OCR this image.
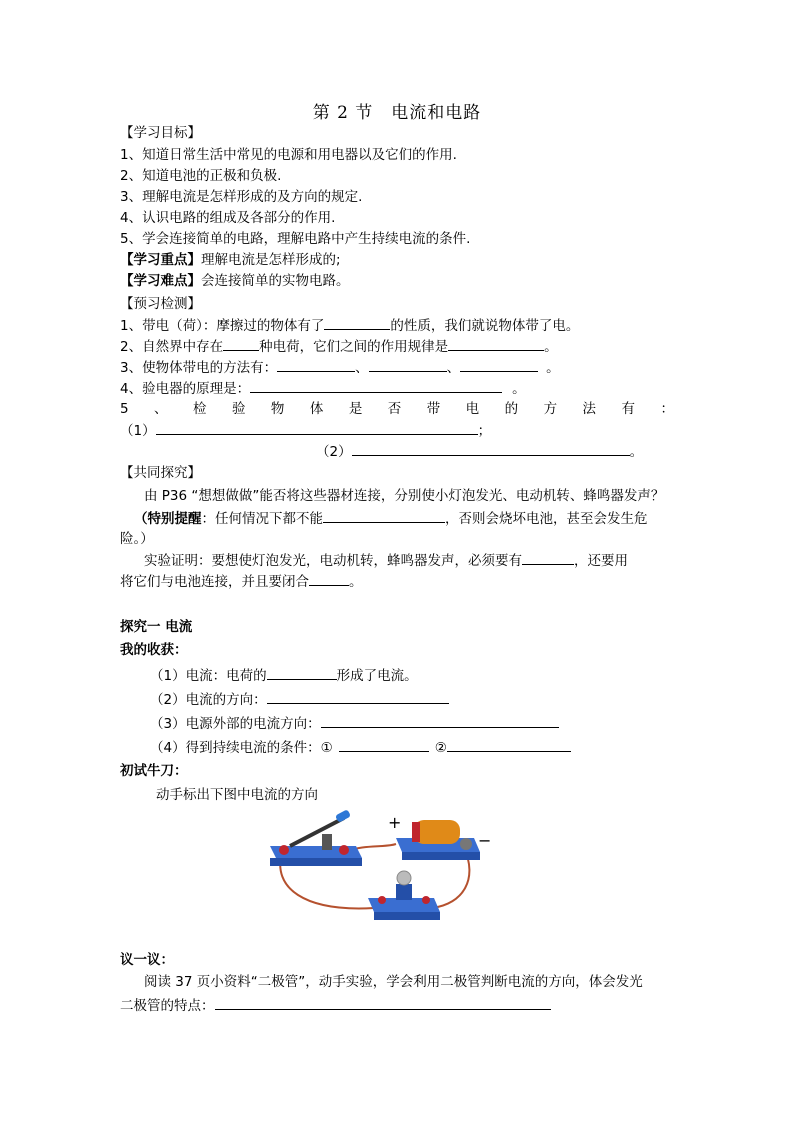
第 2 节　电流和电路
【学习目标】
1、知道日常生活中常见的电源和用电器以及它们的作用.
2、知道电池的正极和负极.
3、理解电流是怎样形成的及方向的规定.
4、认识电路的组成及各部分的作用.
5、学会连接简单的电路，理解电路中产生持续电流的条件.
【学习重点】理解电流是怎样形成的;
【学习难点】会连接简单的实物电路。
【预习检测】
1、带电（荷）：摩擦过的物体有了	的性质，我们就说物体带了电。
2、自然界中存在	种电荷，它们之间的作用规律是	。
3、使物体带电的方法有：	、	、	。
4、验电器的原理是：	。
5 、 检 验 物 体 是 否 带 电 的 方 法 有 ：
（1）	；
（2）	。
【共同探究】
由 P36 “想想做做”能否将这些器材连接，分别使小灯泡发光、电动机转、蜂鸣器发声？
（特别提醒：任何情况下都不能	，否则会烧坏电池，甚至会发生危
险。）
实验证明：要想使灯泡发光，电动机转，蜂鸣器发声，必须要有	，还要用
将它们与电池连接，并且要闭合	。
探究一 电流
我的收获：
（1）电流：电荷的	形成了电流。
（2）电流的方向：
（3）电源外部的电流方向：
（4）得到持续电流的条件：①	②
初试牛刀：
动手标出下图中电流的方向
+
−
议一议：
阅读 37 页小资料“二极管”，动手实验，学会利用二极管判断电流的方向，体会发光
二极管的特点：
